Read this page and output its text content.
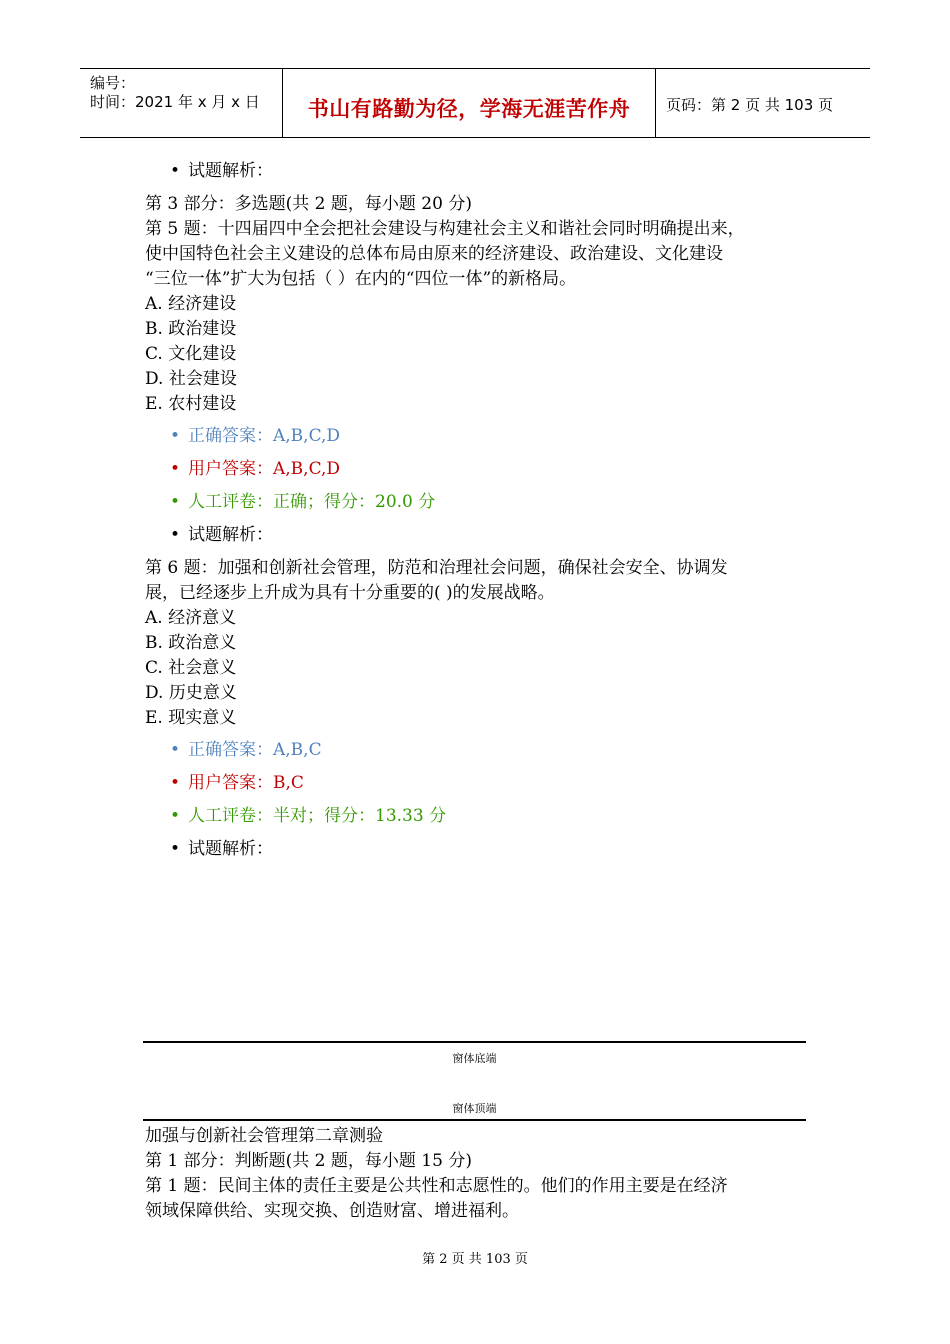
编号：
时间：2021 年 x 月 x 日	书山有路勤为径，学海无涯苦作舟	页码：第 2 页 共 103 页
• 试题解析：
第 3 部分：多选题(共 2 题，每小题 20 分)
第 5 题：十四届四中全会把社会建设与构建社会主义和谐社会同时明确提出来，
使中国特色社会主义建设的总体布局由原来的经济建设、政治建设、文化建设
“三位一体”扩大为包括（ ）在内的“四位一体”的新格局。
A. 经济建设
B. 政治建设
C. 文化建设
D. 社会建设
E. 农村建设
• 正确答案：A,B,C,D
• 用户答案：A,B,C,D
• 人工评卷：正确；得分：20.0 分
• 试题解析：
第 6 题：加强和创新社会管理，防范和治理社会问题，确保社会安全、协调发
展，已经逐步上升成为具有十分重要的( )的发展战略。
A. 经济意义
B. 政治意义
C. 社会意义
D. 历史意义
E. 现实意义
• 正确答案：A,B,C
• 用户答案：B,C
• 人工评卷：半对；得分：13.33 分
• 试题解析：
窗体底端
窗体顶端
加强与创新社会管理第二章测验
第 1 部分：判断题(共 2 题，每小题 15 分)
第 1 题：民间主体的责任主要是公共性和志愿性的。他们的作用主要是在经济
领域保障供给、实现交换、创造财富、增进福利。
第 2 页 共 103 页
